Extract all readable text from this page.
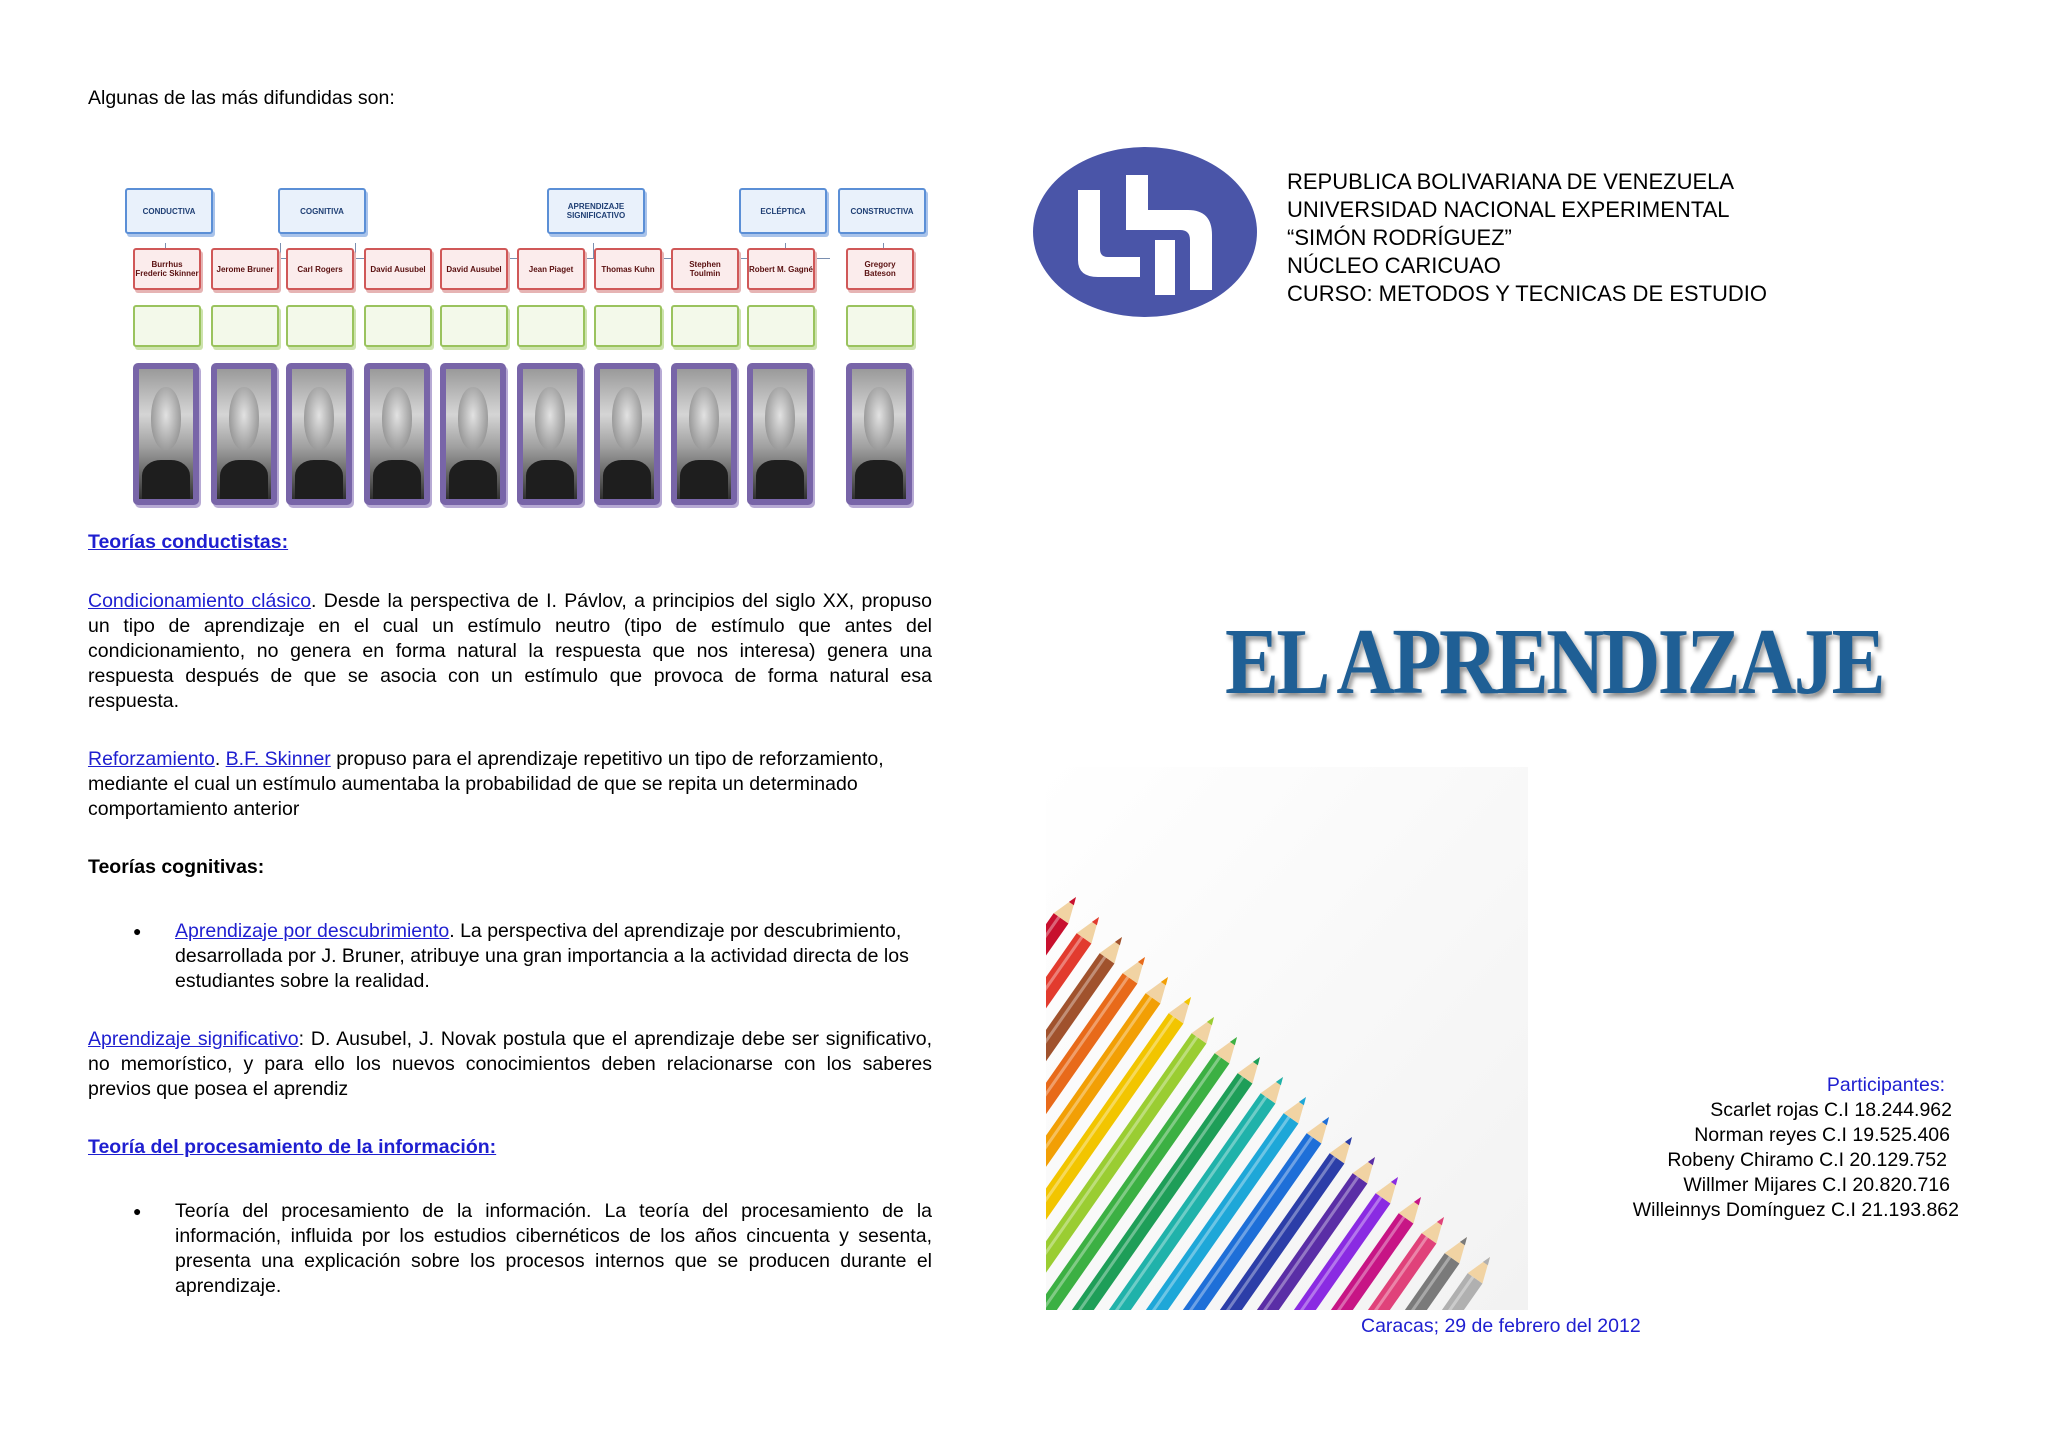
Algunas de las más difundidas son:
CONDUCTIVA	COGNITIVA	APRENDIZAJE SIGNIFICATIVO	ECLÉPTICA	CONSTRUCTIVA
Burrhus Frederic Skinner	Jerome Bruner	Carl Rogers	David Ausubel	David Ausubel	Jean Piaget	Thomas Kuhn	Stephen Toulmin	Robert M. Gagné	Gregory Bateson
Teorías conductistas:
Condicionamiento clásico. Desde la perspectiva de I. Pávlov, a principios del siglo XX, propuso un tipo de aprendizaje en el cual un estímulo neutro (tipo de estímulo que antes del condicionamiento, no genera en forma natural la respuesta que nos interesa) genera una respuesta después de que se asocia con un estímulo que provoca de forma natural esa respuesta.
Reforzamiento. B.F. Skinner propuso para el aprendizaje repetitivo un tipo de reforzamiento, mediante el cual un estímulo aumentaba la probabilidad de que se repita un determinado comportamiento anterior
Teorías cognitivas:
● Aprendizaje por descubrimiento. La perspectiva del aprendizaje por descubrimiento, desarrollada por J. Bruner, atribuye una gran importancia a la actividad directa de los estudiantes sobre la realidad.
Aprendizaje significativo: D. Ausubel, J. Novak postula que el aprendizaje debe ser significativo, no memorístico, y para ello los nuevos conocimientos deben relacionarse con los saberes previos que posea el aprendiz
Teoría del procesamiento de la información:
● Teoría del procesamiento de la información. La teoría del procesamiento de la información, influida por los estudios cibernéticos de los años cincuenta y sesenta, presenta una explicación sobre los procesos internos que se producen durante el aprendizaje.
REPUBLICA BOLIVARIANA DE VENEZUELA
UNIVERSIDAD NACIONAL EXPERIMENTAL
“SIMÓN RODRÍGUEZ”
NÚCLEO CARICUAO
CURSO: METODOS Y TECNICAS DE ESTUDIO
EL APRENDIZAJE
Participantes:
Scarlet rojas C.I 18.244.962
Norman reyes C.I 19.525.406
Robeny Chiramo C.I 20.129.752
Willmer Mijares C.I 20.820.716
Willeinnys Domínguez C.I 21.193.862
Caracas; 29 de febrero del 2012
